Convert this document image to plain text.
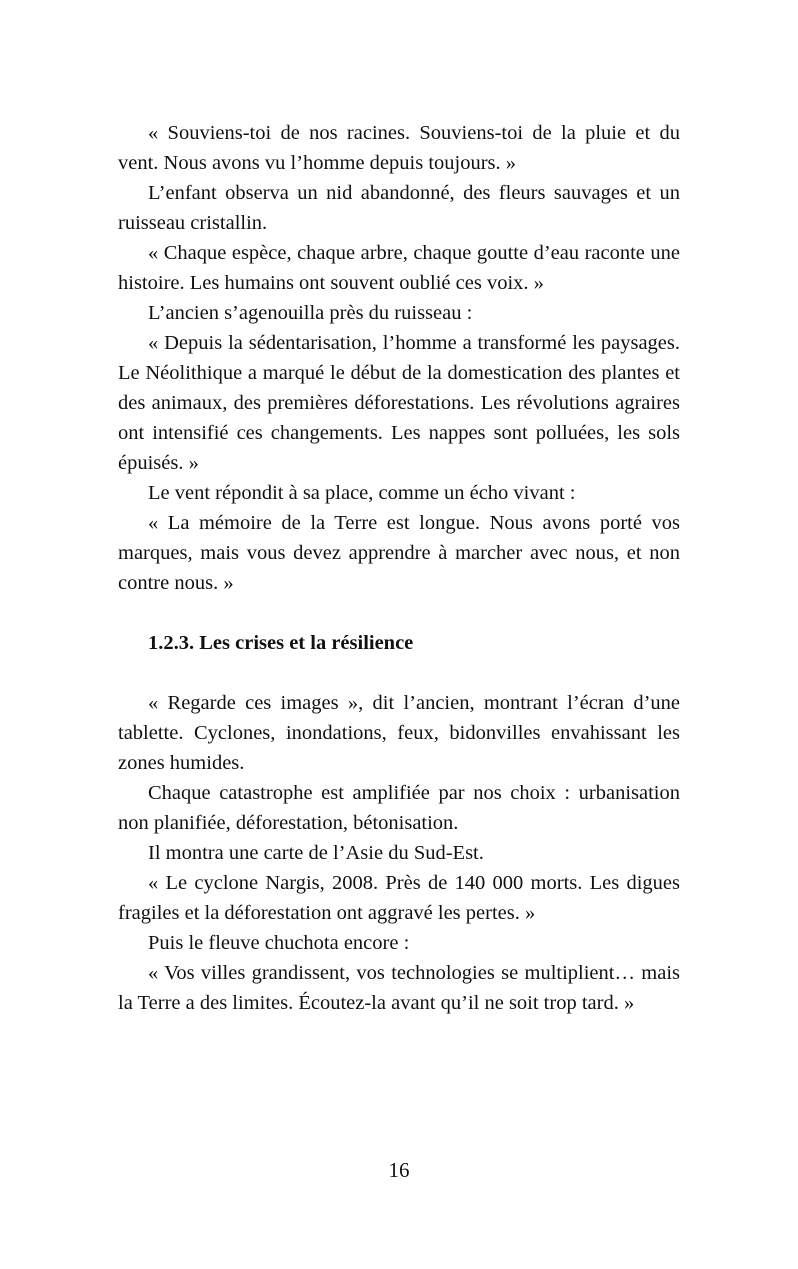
« Souviens-toi de nos racines. Souviens-toi de la pluie et du vent. Nous avons vu l’homme depuis toujours. »

L’enfant observa un nid abandonné, des fleurs sauvages et un ruisseau cristallin.

« Chaque espèce, chaque arbre, chaque goutte d’eau raconte une histoire. Les humains ont souvent oublié ces voix. »

L’ancien s’agenouilla près du ruisseau :

« Depuis la sédentarisation, l’homme a transformé les paysages. Le Néolithique a marqué le début de la domestication des plantes et des animaux, des premières déforestations. Les révolutions agraires ont intensifié ces changements. Les nappes sont polluées, les sols épuisés. »

Le vent répondit à sa place, comme un écho vivant :

« La mémoire de la Terre est longue. Nous avons porté vos marques, mais vous devez apprendre à marcher avec nous, et non contre nous. »

1.2.3. Les crises et la résilience

« Regarde ces images », dit l’ancien, montrant l’écran d’une tablette. Cyclones, inondations, feux, bidonvilles envahissant les zones humides.

Chaque catastrophe est amplifiée par nos choix : urbanisation non planifiée, déforestation, bétonisation.

Il montra une carte de l’Asie du Sud-Est.

« Le cyclone Nargis, 2008. Près de 140 000 morts. Les digues fragiles et la déforestation ont aggravé les pertes. »

Puis le fleuve chuchota encore :

« Vos villes grandissent, vos technologies se multiplient… mais la Terre a des limites. Écoutez-la avant qu’il ne soit trop tard. »

16
